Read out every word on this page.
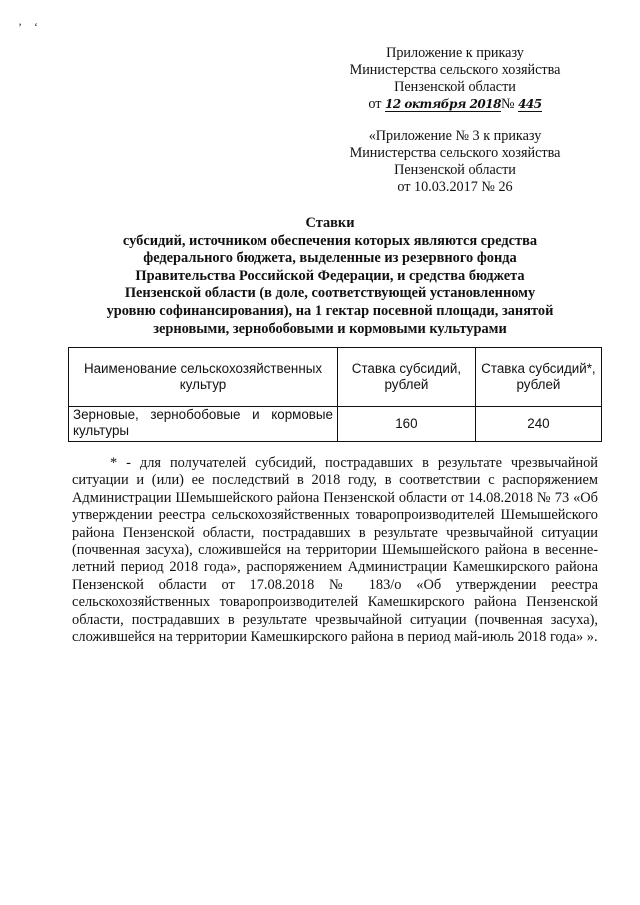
’    ‘
Приложение к приказу
Министерства сельского хозяйства
Пензенской области
от 12 октября 2018№ 445
«Приложение № 3 к приказу
Министерства сельского хозяйства
Пензенской области
от 10.03.2017 № 26
Ставки
субсидий, источником обеспечения которых являются средства
федерального бюджета, выделенные из резервного фонда
Правительства Российской Федерации, и средства бюджета
Пензенской области (в доле, соответствующей установленному
уровню софинансирования), на 1 гектар посевной площади, занятой
зерновыми, зернобобовыми и кормовыми культурами
Наименование сельскохозяйственных культур	Ставка субсидий, рублей	Ставка субсидий*, рублей
Зерновые, зернобобовые и кормовые культуры	160	240

* - для получателей субсидий, пострадавших в результате чрезвычайной ситуации и (или) ее последствий в 2018 году, в соответствии с распоряжением Администрации Шемышейского района Пензенской области от 14.08.2018 № 73 «Об утверждении реестра сельскохозяйственных товаропроизводителей Шемышейского района Пензенской области, пострадавших в результате чрезвычайной ситуации (почвенная засуха), сложившейся на территории Шемышейского района в весенне-летний период 2018 года», распоряжением Администрации Камешкирского района Пензенской области от 17.08.2018 № 183/о «Об утверждении реестра сельскохозяйственных товаропроизводителей Камешкирского района Пензенской области, пострадавших в результате чрезвычайной ситуации (почвенная засуха), сложившейся на территории Камешкирского района в период май-июль 2018 года» ».
